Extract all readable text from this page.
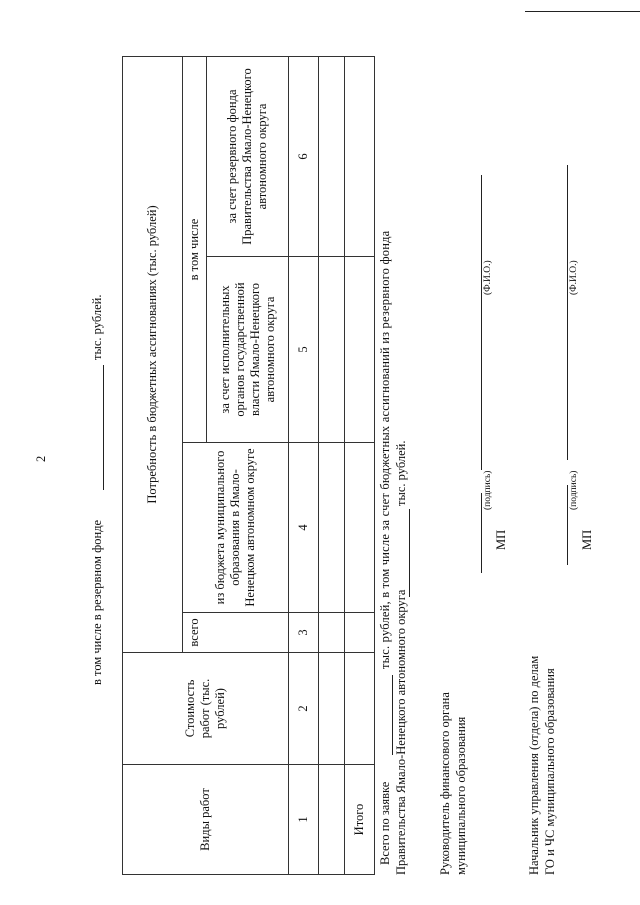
2
в том числе в резервном фонде
тыс. рублей.
Виды работ	Стоимость работ (тыс. рублей)	Потребность в бюджетных ассигнованиях (тыс. рублей)			
		всего	из бюджета муниципального образования в Ямало-Ненецком автономном округе	в том числе	
				за счет исполнительных органов государственной власти Ямало-Ненецкого автономного округа	за счет резервного фонда Правительства Ямало-Ненецкого автономного округа
1	2	3	4	5	6

Итого					Всего по заявке
тыс. рублей, в том числе за счет бюджетных ассигнований из резервного фонда
Правительства Ямало-Ненецкого автономного округа
тыс. рублей.
Руководитель финансового органа муниципального образования
(подпись)
МП
(Ф.И.О.)
Начальник управления (отдела) по делам ГО и ЧС муниципального образования
(подпись)
МП
(Ф.И.О.)
